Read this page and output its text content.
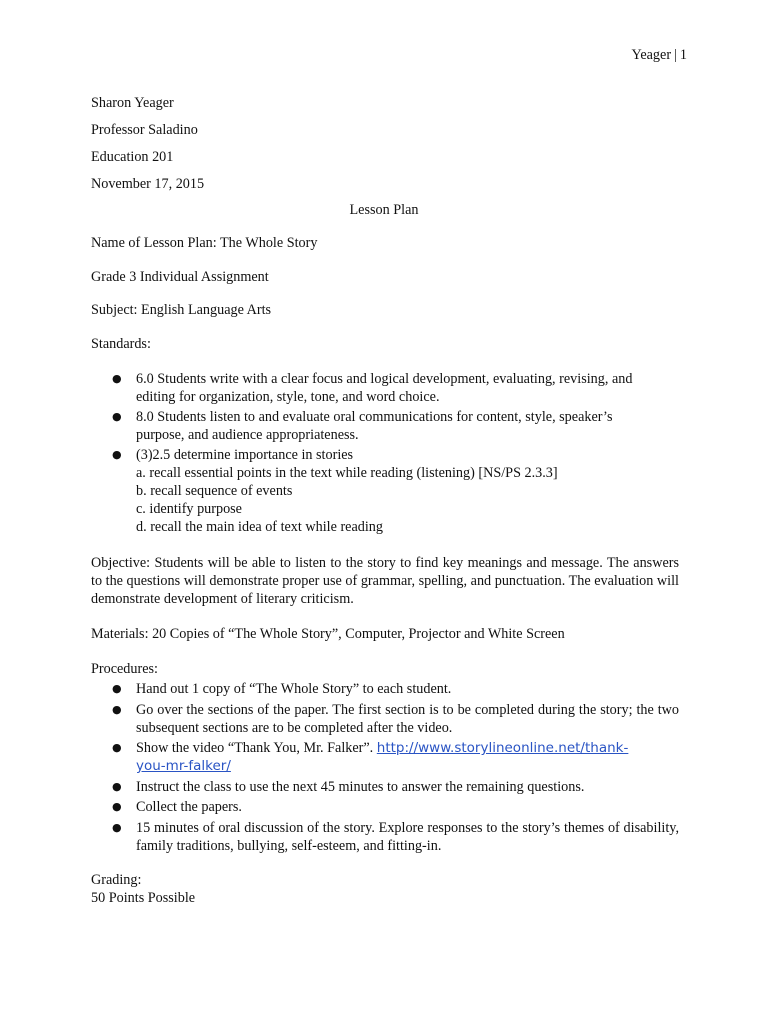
Yeager | 1
Sharon Yeager
Professor Saladino
Education 201
November 17, 2015
Lesson Plan
Name of Lesson Plan: The Whole Story
Grade 3 Individual Assignment
Subject: English Language Arts
Standards:
● 6.0 Students write with a clear focus and logical development, evaluating, revising, and
editing for organization, style, tone, and word choice.
● 8.0 Students listen to and evaluate oral communications for content, style, speaker’s
purpose, and audience appropriateness.
● (3)2.5 determine importance in stories
a. recall essential points in the text while reading (listening) [NS/PS 2.3.3]
b. recall sequence of events
c. identify purpose
d. recall the main idea of text while reading
Objective: Students will be able to listen to the story to find key meanings and message. The answers to the questions will demonstrate proper use of grammar, spelling, and punctuation. The evaluation will demonstrate development of literary criticism.
Materials: 20 Copies of “The Whole Story”, Computer, Projector and White Screen
Procedures:
● Hand out 1 copy of “The Whole Story” to each student.
● Go over the sections of the paper. The first section is to be completed during the story; the two subsequent sections are to be completed after the video.
● Show the video “Thank You, Mr. Falker”. http://www.storylineonline.net/thank-
you-mr-falker/
● Instruct the class to use the next 45 minutes to answer the remaining questions.
● Collect the papers.
● 15 minutes of oral discussion of the story. Explore responses to the story’s themes of disability, family traditions, bullying, self-esteem, and fitting-in.
Grading:
50 Points Possible
